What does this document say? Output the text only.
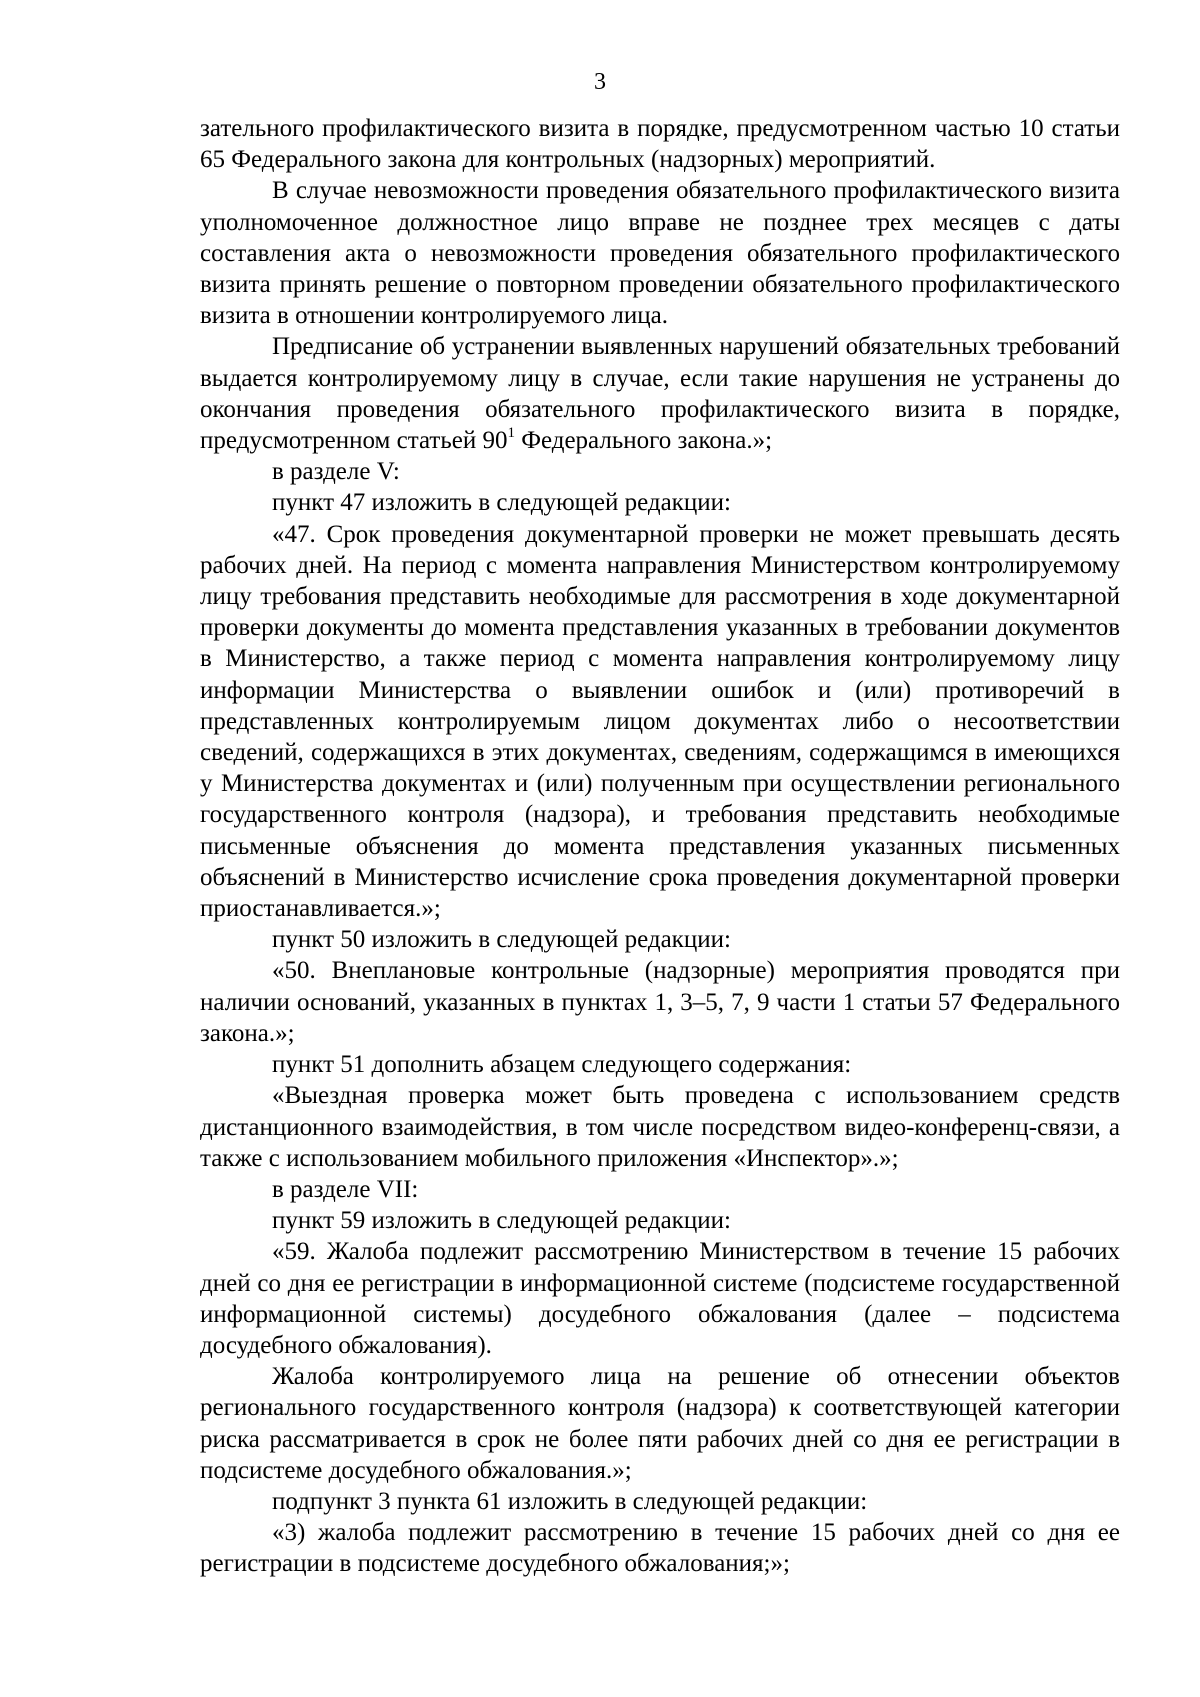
3

зательного профилактического визита в порядке, предусмотренном частью 10 статьи 65 Федерального закона для контрольных (надзорных) мероприятий.

В случае невозможности проведения обязательного профилактического визита уполномоченное должностное лицо вправе не позднее трех месяцев с даты составления акта о невозможности проведения обязательного профилактического визита принять решение о повторном проведении обязательного профилактического визита в отношении контролируемого лица.

Предписание об устранении выявленных нарушений обязательных требований выдается контролируемому лицу в случае, если такие нарушения не устранены до окончания проведения обязательного профилактического визита в порядке, предусмотренном статьей $90^1$ Федерального закона.»;

в разделе V:

пункт 47 изложить в следующей редакции:

«47. Срок проведения документарной проверки не может превышать десять рабочих дней. На период с момента направления Министерством контролируемому лицу требования представить необходимые для рассмотрения в ходе документарной проверки документы до момента представления указанных в требовании документов в Министерство, а также период с момента направления контролируемому лицу информации Министерства о выявлении ошибок и (или) противоречий в представленных контролируемым лицом документах либо о несоответствии сведений, содержащихся в этих документах, сведениям, содержащимся в имеющихся у Министерства документах и (или) полученным при осуществлении регионального государственного контроля (надзора), и требования представить необходимые письменные объяснения до момента представления указанных письменных объяснений в Министерство исчисление срока проведения документарной проверки приостанавливается.»;

пункт 50 изложить в следующей редакции:

«50. Внеплановые контрольные (надзорные) мероприятия проводятся при наличии оснований, указанных в пунктах 1, 3–5, 7, 9 части 1 статьи 57 Федерального закона.»;

пункт 51 дополнить абзацем следующего содержания:

«Выездная проверка может быть проведена с использованием средств дистанционного взаимодействия, в том числе посредством видео-конференц-связи, а также с использованием мобильного приложения «Инспектор».»;

в разделе VII:

пункт 59 изложить в следующей редакции:

«59. Жалоба подлежит рассмотрению Министерством в течение 15 рабочих дней со дня ее регистрации в информационной системе (подсистеме государственной информационной системы) досудебного обжалования (далее – подсистема досудебного обжалования).

Жалоба контролируемого лица на решение об отнесении объектов регионального государственного контроля (надзора) к соответствующей категории риска рассматривается в срок не более пяти рабочих дней со дня ее регистрации в подсистеме досудебного обжалования.»;

подпункт 3 пункта 61 изложить в следующей редакции:

«3) жалоба подлежит рассмотрению в течение 15 рабочих дней со дня ее регистрации в подсистеме досудебного обжалования;»;
